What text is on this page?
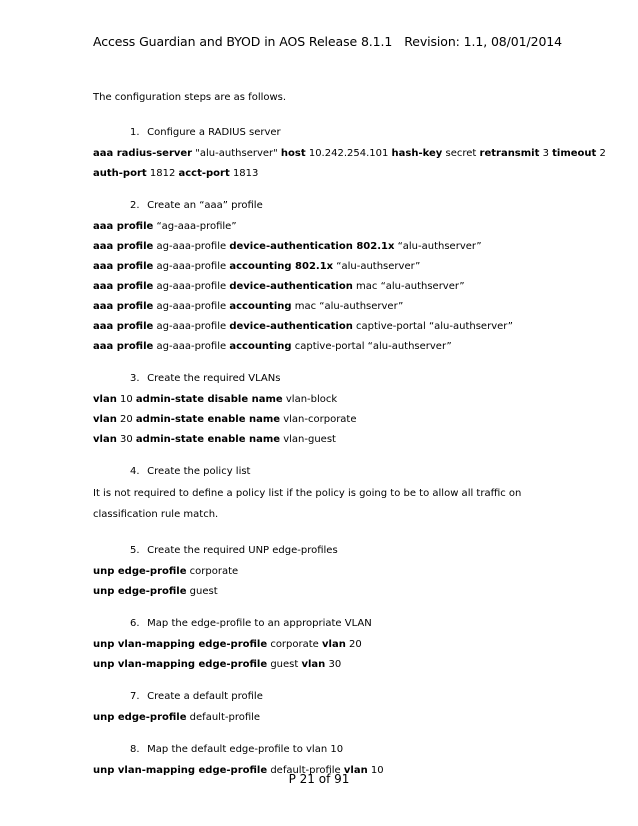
Access Guardian and BYOD in AOS Release 8.1.1 Revision: 1.1, 08/01/2014

The configuration steps are as follows.

1. Configure a RADIUS server
aaa radius-server "alu-authserver" host 10.242.254.101 hash-key secret retransmit 3 timeout 2
auth-port 1812 acct-port 1813
2. Create an “aaa” profile
aaa profile “ag-aaa-profile”
aaa profile ag-aaa-profile device-authentication 802.1x “alu-authserver”
aaa profile ag-aaa-profile accounting 802.1x “alu-authserver”
aaa profile ag-aaa-profile device-authentication mac “alu-authserver”
aaa profile ag-aaa-profile accounting mac “alu-authserver”
aaa profile ag-aaa-profile device-authentication captive-portal “alu-authserver”
aaa profile ag-aaa-profile accounting captive-portal “alu-authserver”
3. Create the required VLANs
vlan 10 admin-state disable name vlan-block
vlan 20 admin-state enable name vlan-corporate
vlan 30 admin-state enable name vlan-guest
4. Create the policy list
It is not required to define a policy list if the policy is going to be to allow all traffic on classification rule match.
5. Create the required UNP edge-profiles
unp edge-profile corporate
unp edge-profile guest
6. Map the edge-profile to an appropriate VLAN
unp vlan-mapping edge-profile corporate vlan 20
unp vlan-mapping edge-profile guest vlan 30
7. Create a default profile
unp edge-profile default-profile
8. Map the default edge-profile to vlan 10
unp vlan-mapping edge-profile default-profile vlan 10
P 21 of 91
